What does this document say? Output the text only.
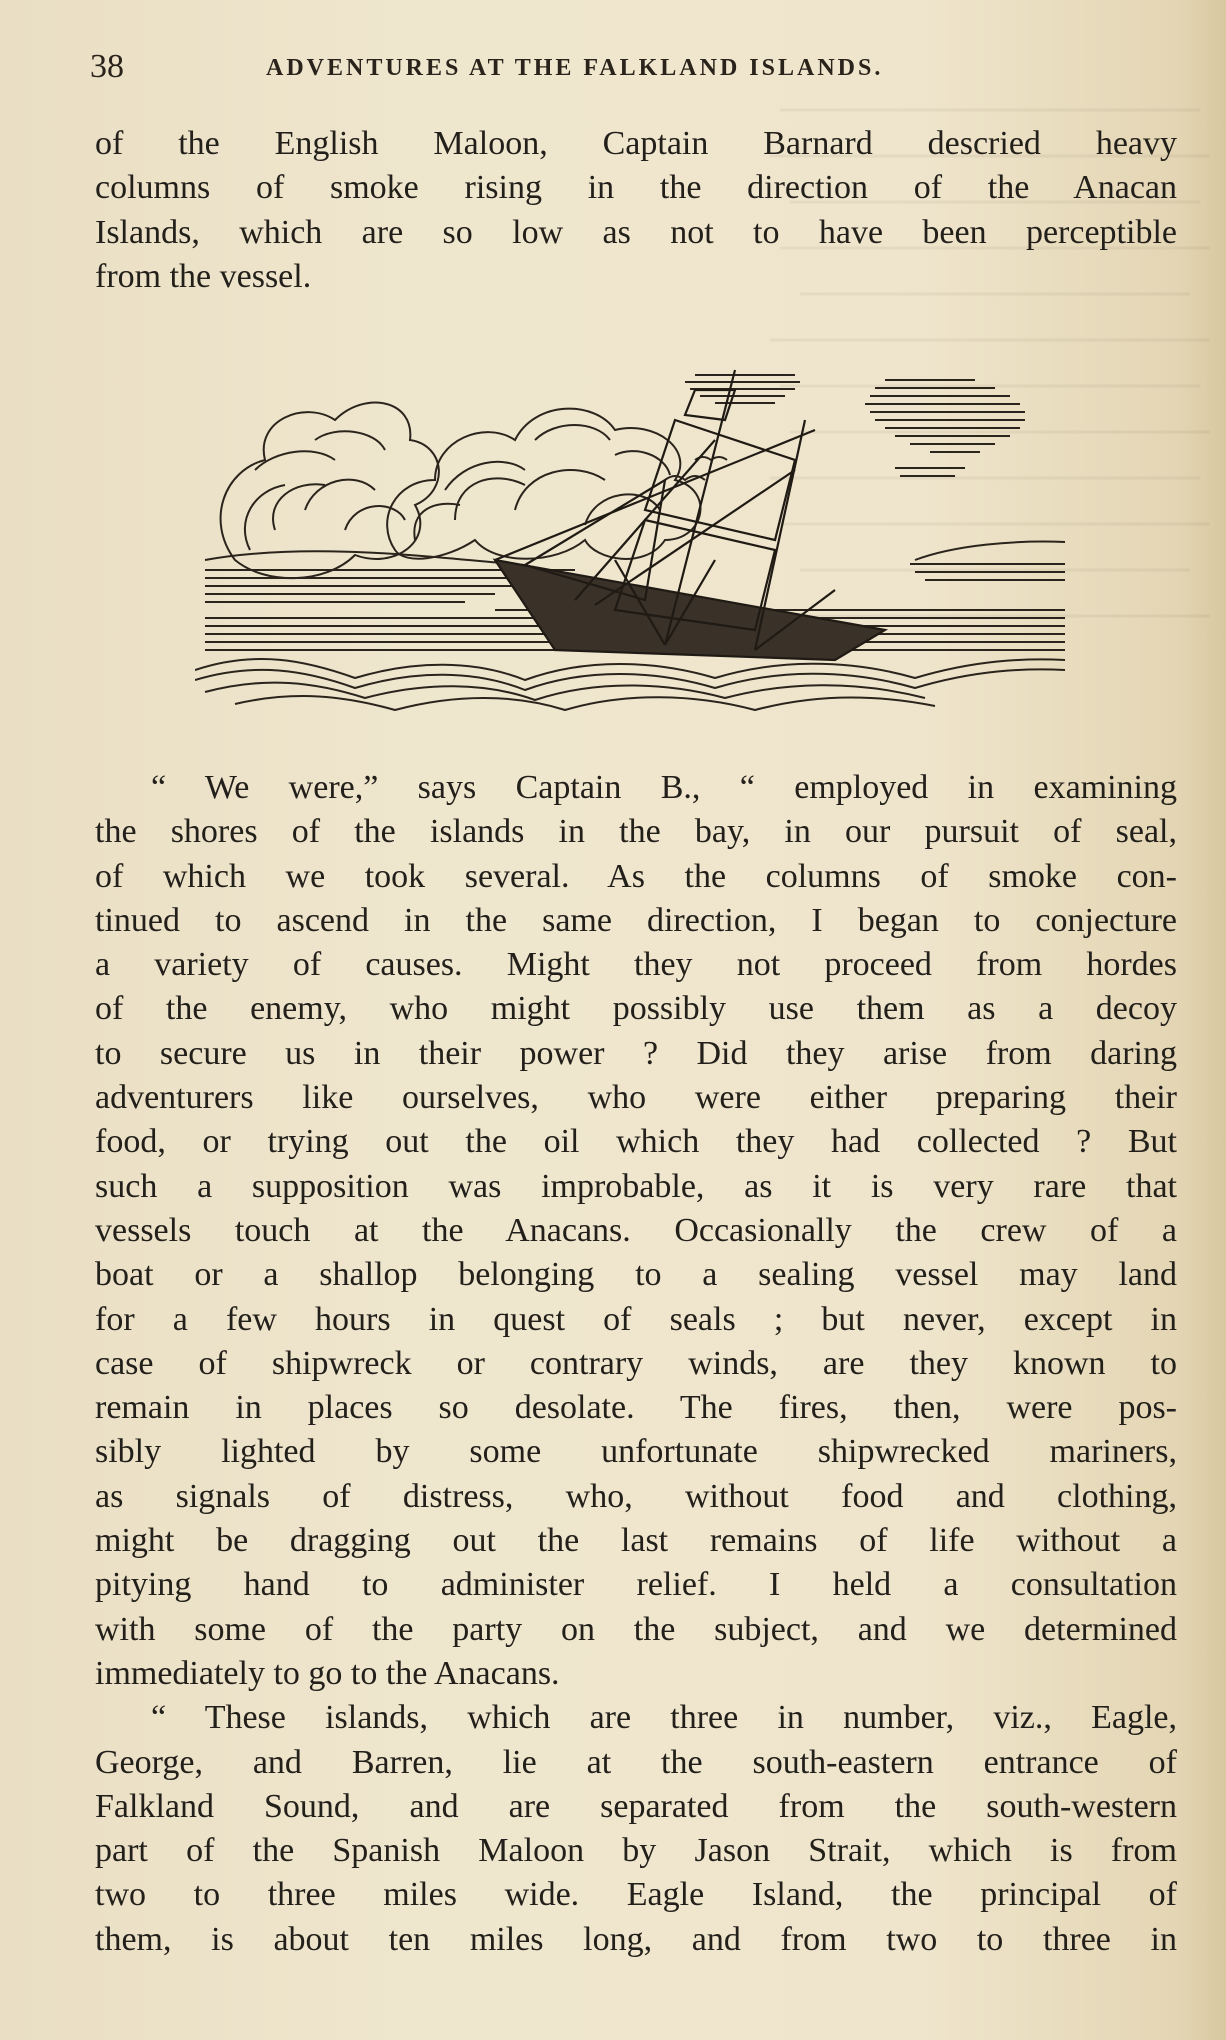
38	ADVENTURES AT THE FALKLAND ISLANDS.

of the English Maloon, Captain Barnard descried heavy

columns of smoke rising in the direction of the Anacan

Islands, which are so low as not to have been perceptible

from the vessel.

“ We were,” says Captain B., “ employed in examining

the shores of the islands in the bay, in our pursuit of seal,

of which we took several. As the columns of smoke con-

tinued to ascend in the same direction, I began to conjecture

a variety of causes. Might they not proceed from hordes

of the enemy, who might possibly use them as a decoy

to secure us in their power ? Did they arise from daring

adventurers like ourselves, who were either preparing their

food, or trying out the oil which they had collected ? But

such a supposition was improbable, as it is very rare that

vessels touch at the Anacans. Occasionally the crew of a

boat or a shallop belonging to a sealing vessel may land

for a few hours in quest of seals ; but never, except in

case of shipwreck or contrary winds, are they known to

remain in places so desolate. The fires, then, were pos-

sibly lighted by some unfortunate shipwrecked mariners,

as signals of distress, who, without food and clothing,

might be dragging out the last remains of life without a

pitying hand to administer relief. I held a consultation

with some of the party on the subject, and we determined

immediately to go to the Anacans.

“ These islands, which are three in number, viz., Eagle,

George, and Barren, lie at the south-eastern entrance of

Falkland Sound, and are separated from the south-western

part of the Spanish Maloon by Jason Strait, which is from

two to three miles wide. Eagle Island, the principal of

them, is about ten miles long, and from two to three in
